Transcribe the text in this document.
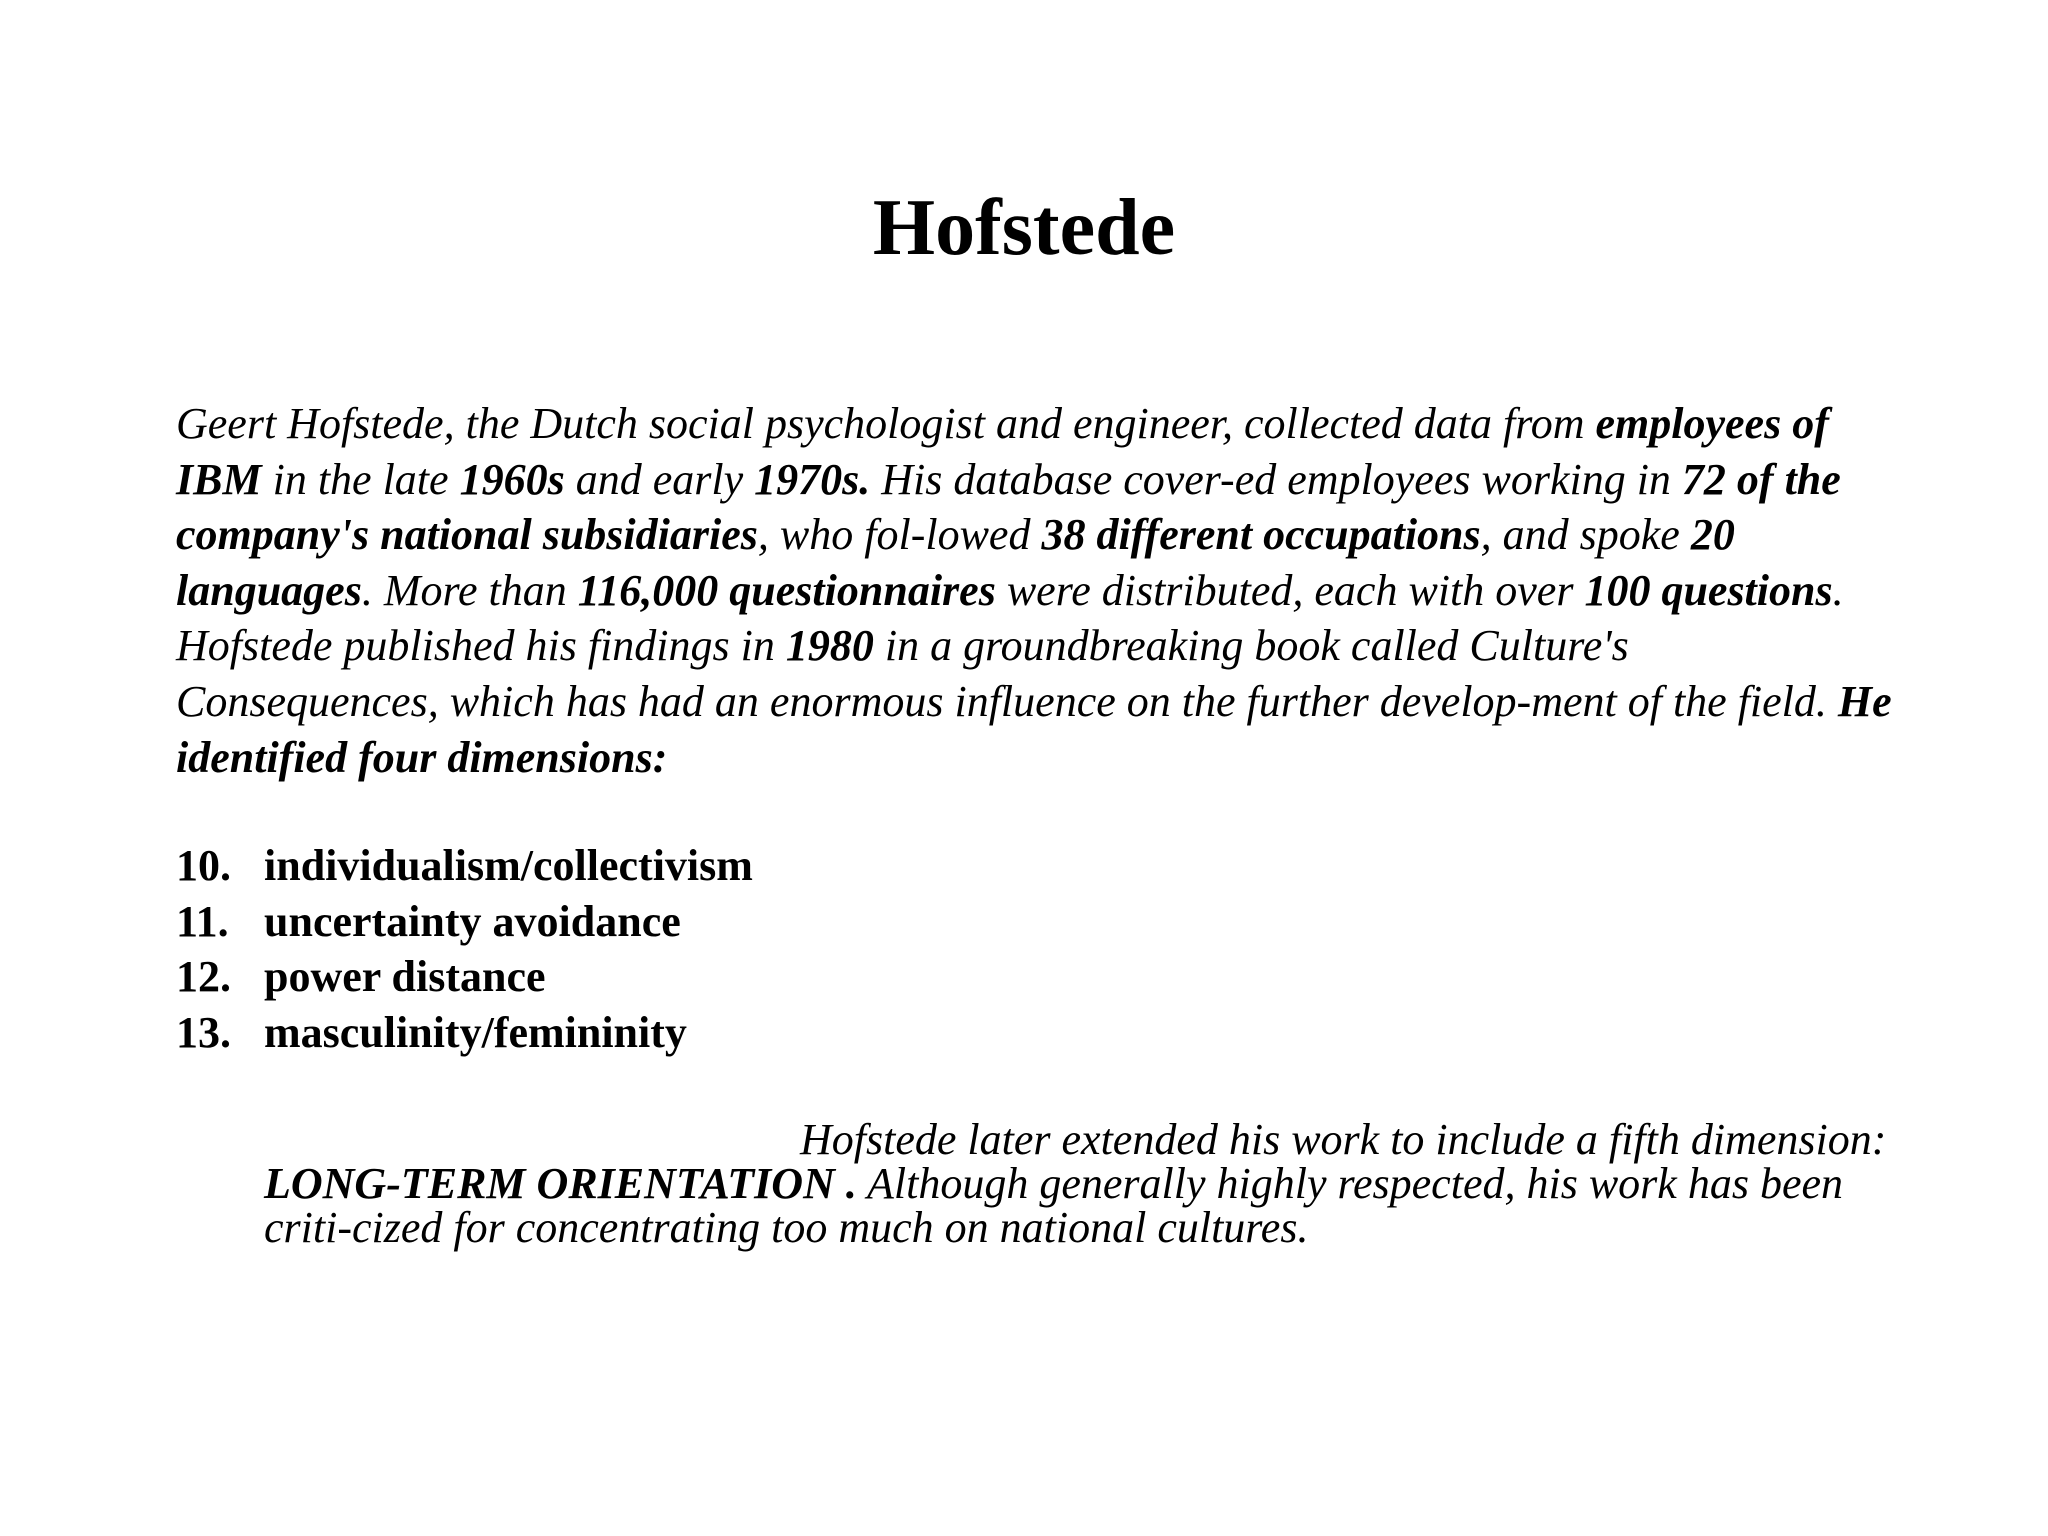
Hofstede

Geert Hofstede, the Dutch social psychologist and engineer, collected data from employees of IBM in the late 1960s and early 1970s. His database cover-ed employees working in 72 of the company's national subsidiaries, who fol-lowed 38 different occupations, and spoke 20 languages. More than 116,000 questionnaires were distributed, each with over 100 questions. Hofstede published his findings in 1980 in a groundbreaking book called Culture's Consequences, which has had an enormous influence on the further develop-ment of the field. He identified four dimensions:

10. individualism/collectivism
11. uncertainty avoidance
12. power distance
13. masculinity/femininity

Hofstede later extended his work to include a fifth dimension: LONG-TERM ORIENTATION . Although generally highly respected, his work has been criti-cized for concentrating too much on national cultures.
